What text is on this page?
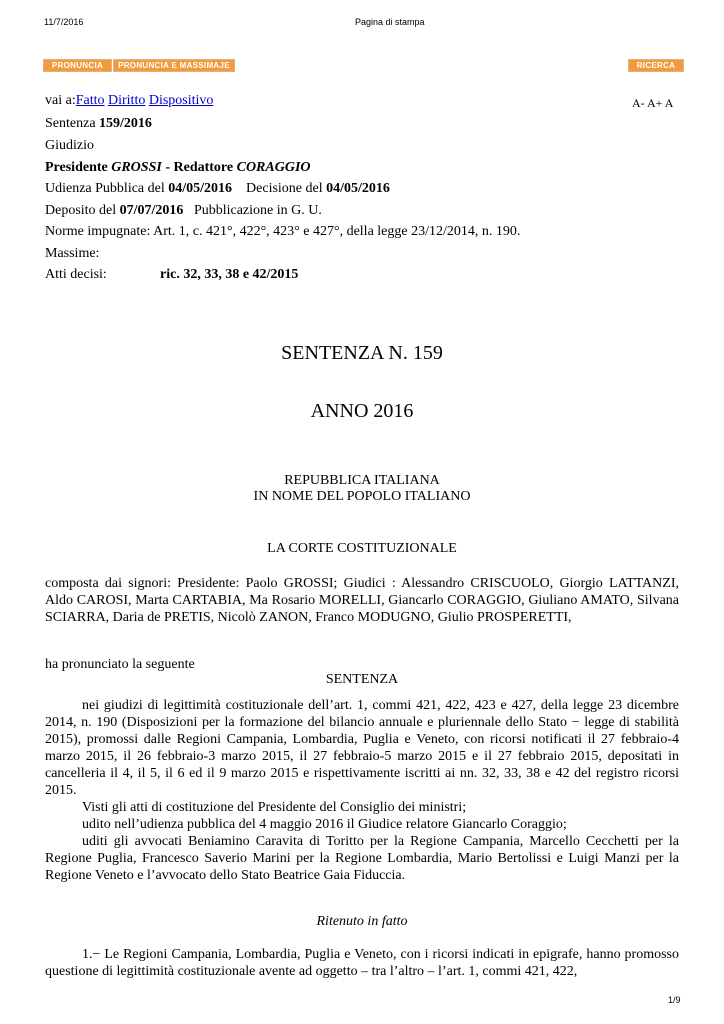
11/7/2016	Pagina di stampa
PRONUNCIA	PRONUNCIA E MASSIMAJE	RICERCA
vai a:Fatto Diritto Dispositivo	A- A+ A
Sentenza 159/2016
Giudizio
Presidente GROSSI - Redattore CORAGGIO
Udienza Pubblica del 04/05/2016 Decisione del 04/05/2016
Deposito del 07/07/2016 Pubblicazione in G. U.
Norme impugnate: Art. 1, c. 421°, 422°, 423° e 427°, della legge 23/12/2014, n. 190.
Massime:
Atti decisi:	ric. 32, 33, 38 e 42/2015
SENTENZA N. 159
ANNO 2016
REPUBBLICA ITALIANA
IN NOME DEL POPOLO ITALIANO
LA CORTE COSTITUZIONALE
composta dai signori: Presidente: Paolo GROSSI; Giudici : Alessandro CRISCUOLO, Giorgio LATTANZI, Aldo CAROSI, Marta CARTABIA, Ma Rosario MORELLI, Giancarlo CORAGGIO, Giuliano AMATO, Silvana SCIARRA, Daria de PRETIS, Nicolò ZANON, Franco MODUGNO, Giulio PROSPERETTI,
ha pronunciato la seguente
SENTENZA
nei giudizi di legittimità costituzionale dell’art. 1, commi 421, 422, 423 e 427, della legge 23 dicembre 2014, n. 190 (Disposizioni per la formazione del bilancio annuale e pluriennale dello Stato − legge di stabilità 2015), promossi dalle Regioni Campania, Lombardia, Puglia e Veneto, con ricorsi notificati il 27 febbraio-4 marzo 2015, il 26 febbraio-3 marzo 2015, il 27 febbraio-5 marzo 2015 e il 27 febbraio 2015, depositati in cancelleria il 4, il 5, il 6 ed il 9 marzo 2015 e rispettivamente iscritti ai nn. 32, 33, 38 e 42 del registro ricorsi 2015.
Visti gli atti di costituzione del Presidente del Consiglio dei ministri;
udito nell’udienza pubblica del 4 maggio 2016 il Giudice relatore Giancarlo Coraggio;
uditi gli avvocati Beniamino Caravita di Toritto per la Regione Campania, Marcello Cecchetti per la Regione Puglia, Francesco Saverio Marini per la Regione Lombardia, Mario Bertolissi e Luigi Manzi per la Regione Veneto e l’avvocato dello Stato Beatrice Gaia Fiduccia.
Ritenuto in fatto
1.− Le Regioni Campania, Lombardia, Puglia e Veneto, con i ricorsi indicati in epigrafe, hanno promosso questione di legittimità costituzionale avente ad oggetto – tra l’altro – l’art. 1, commi 421, 422,
1/9
